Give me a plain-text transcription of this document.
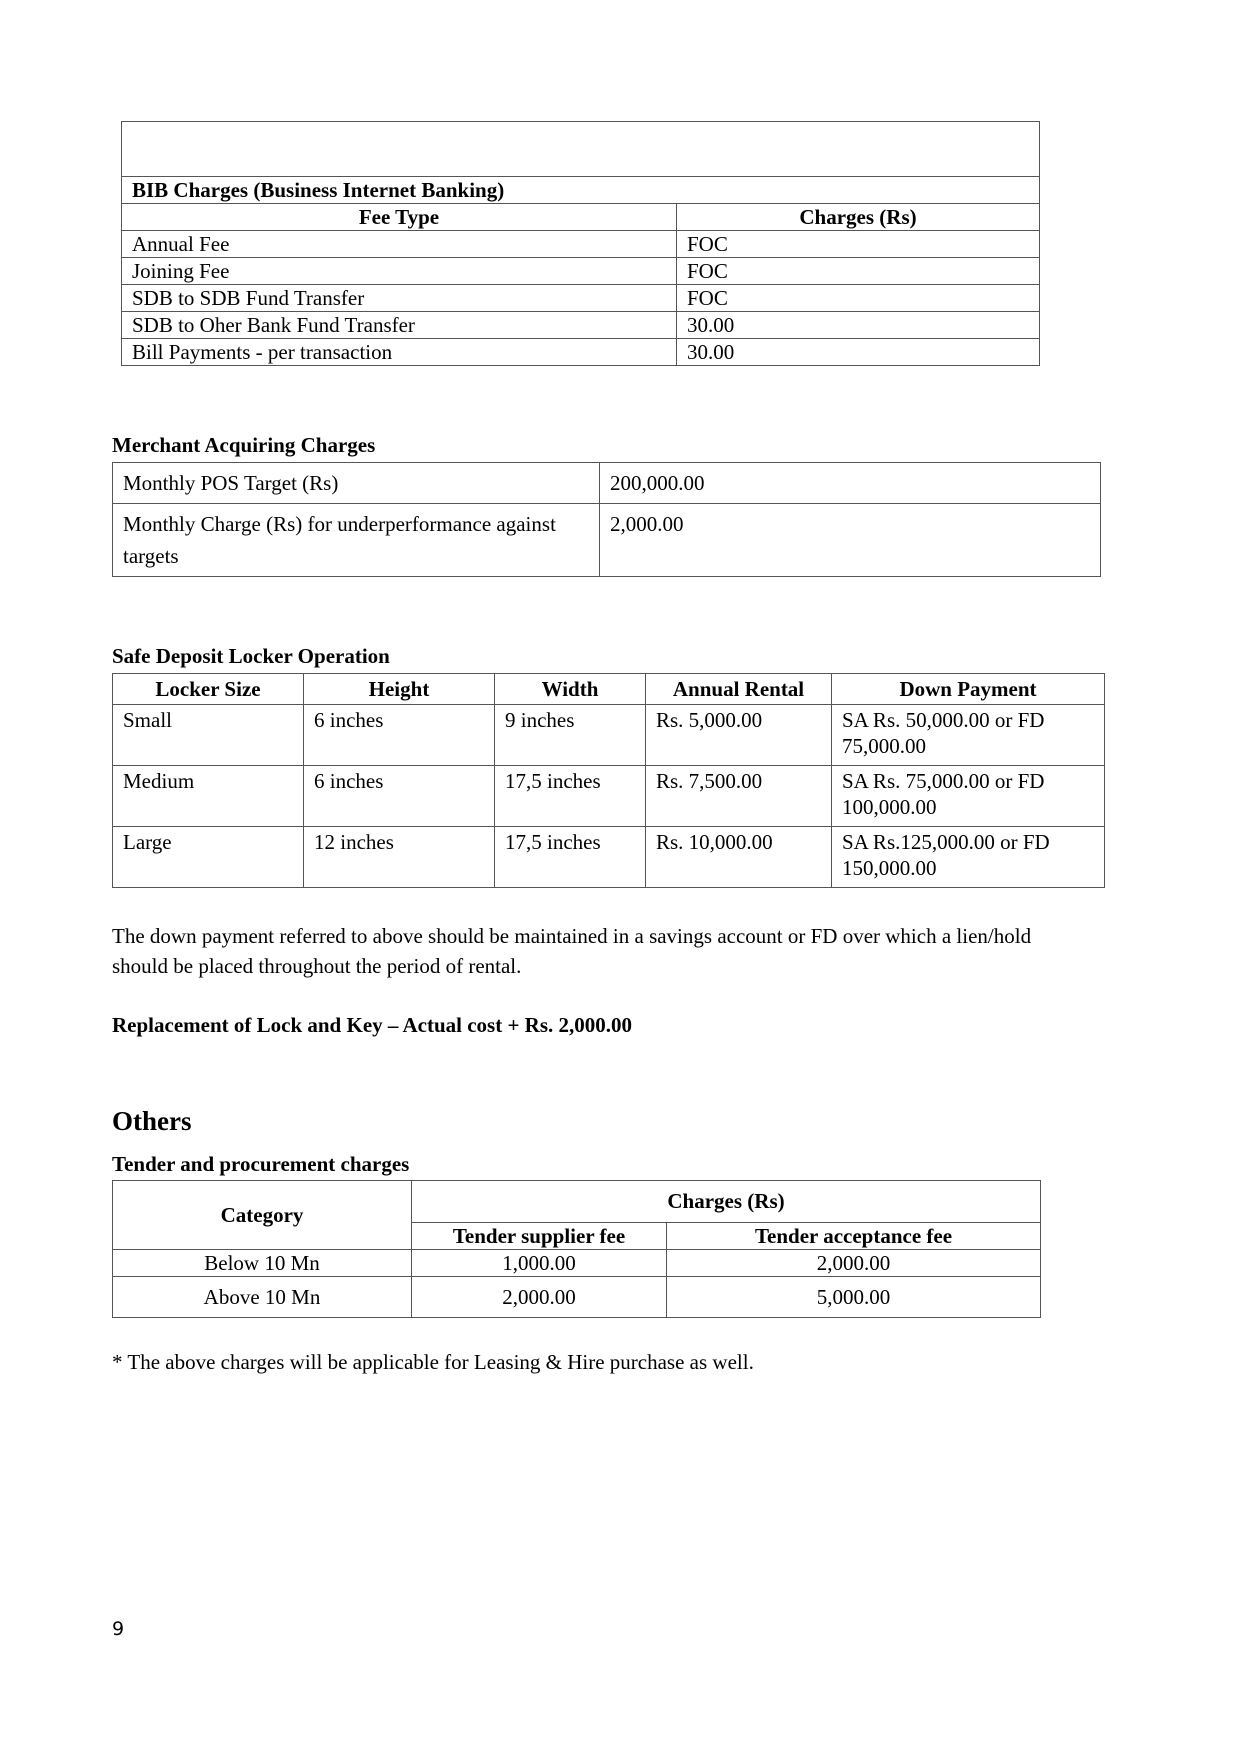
BIB Charges (Business Internet Banking)	
Fee Type	Charges (Rs)
Annual Fee	FOC
Joining Fee	FOC
SDB to SDB Fund Transfer	FOC
SDB to Oher Bank Fund Transfer	30.00
Bill Payments - per transaction	30.00
Merchant Acquiring Charges
Monthly POS Target (Rs)	200,000.00
Monthly Charge (Rs) for underperformance against targets	2,000.00
Safe Deposit Locker Operation
Locker Size	Height	Width	Annual Rental	Down Payment
Small	6 inches	9 inches	Rs. 5,000.00	SA Rs. 50,000.00 or FD 75,000.00
Medium	6 inches	17,5 inches	Rs. 7,500.00	SA Rs. 75,000.00 or FD 100,000.00
Large	12 inches	17,5 inches	Rs. 10,000.00	SA Rs.125,000.00 or FD 150,000.00
The down payment referred to above should be maintained in a savings account or FD over which a lien/hold should be placed throughout the period of rental.
Replacement of Lock and Key – Actual cost + Rs. 2,000.00
Others
Tender and procurement charges
Category	Charges (Rs)	
	Tender supplier fee	Tender acceptance fee
Below 10 Mn	1,000.00	2,000.00
Above 10 Mn	2,000.00	5,000.00
* The above charges will be applicable for Leasing & Hire purchase as well.
9
